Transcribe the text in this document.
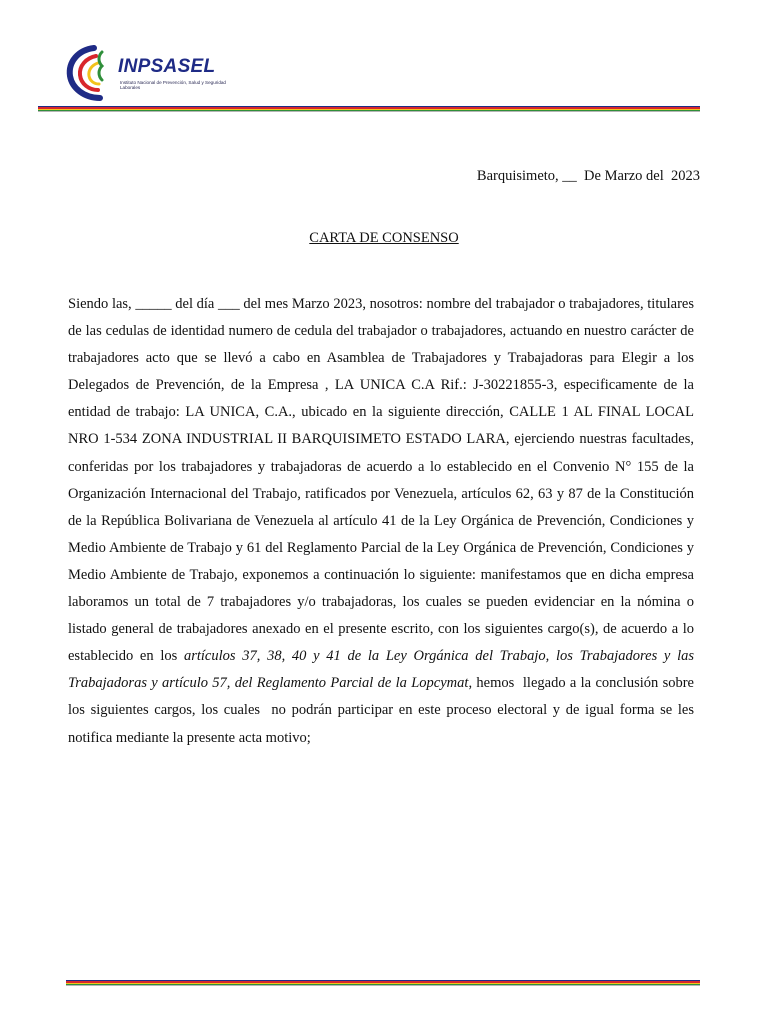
INPSASEL
Instituto Nacional de Prevención, Salud y Seguridad Laborales
Barquisimeto, __  De Marzo del  2023
CARTA DE CONSENSO
Siendo las, _____ del día ___ del mes Marzo 2023, nosotros: nombre del trabajador o trabajadores, titulares de las cedulas de identidad numero de cedula del trabajador o trabajadores, actuando en nuestro carácter de trabajadores acto que se llevó a cabo en Asamblea de Trabajadores y Trabajadoras para Elegir a los Delegados de Prevención, de la Empresa , LA UNICA C.A Rif.: J-30221855-3, especificamente de la entidad de trabajo: LA UNICA, C.A., ubicado en la siguiente dirección, CALLE 1 AL FINAL LOCAL NRO 1-534 ZONA INDUSTRIAL II BARQUISIMETO ESTADO LARA, ejerciendo nuestras facultades, conferidas por los trabajadores y trabajadoras de acuerdo a lo establecido en el Convenio N° 155 de la Organización Internacional del Trabajo, ratificados por Venezuela, artículos 62, 63 y 87 de la Constitución de la República Bolivariana de Venezuela al artículo 41 de la Ley Orgánica de Prevención, Condiciones y Medio Ambiente de Trabajo y 61 del Reglamento Parcial de la Ley Orgánica de Prevención, Condiciones y Medio Ambiente de Trabajo, exponemos a continuación lo siguiente: manifestamos que en dicha empresa laboramos un total de 7 trabajadores y/o trabajadoras, los cuales se pueden evidenciar en la nómina o listado general de trabajadores anexado en el presente escrito, con los siguientes cargo(s), de acuerdo a lo establecido en los artículos 37, 38, 40 y 41 de la Ley Orgánica del Trabajo, los Trabajadores y las Trabajadoras y artículo 57, del Reglamento Parcial de la Lopcymat, hemos  llegado a la conclusión sobre los siguientes cargos, los cuales  no podrán participar en este proceso electoral y de igual forma se les notifica mediante la presente acta motivo;
